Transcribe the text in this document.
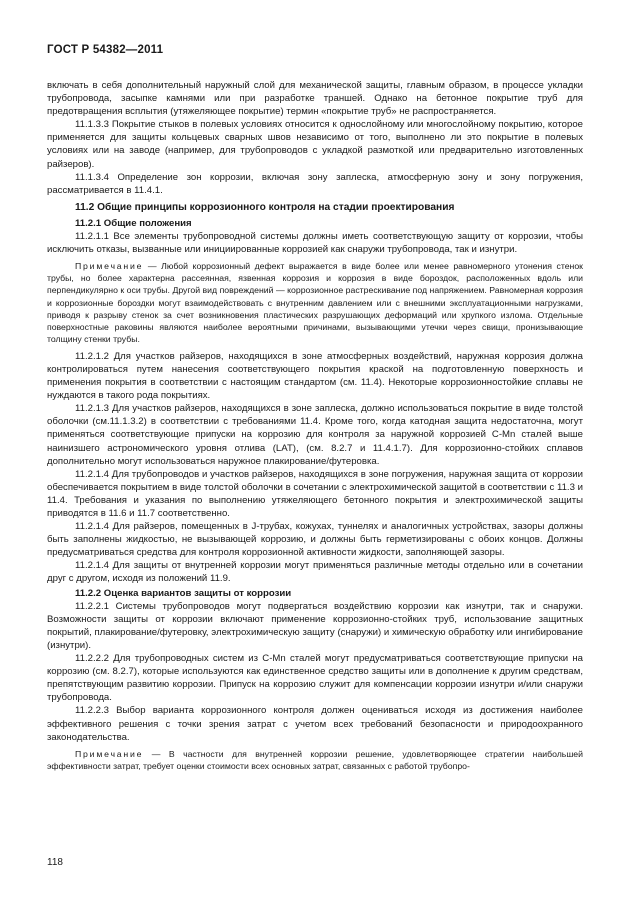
ГОСТ Р 54382—2011

включать в себя дополнительный наружный слой для механической защиты, главным образом, в процессе укладки трубопровода, засыпке камнями или при разработке траншей. Однако на бетонное покрытие труб для предотвращения всплытия (утяжеляющее покрытие) термин «покрытие труб» не распространяется.

11.1.3.3 Покрытие стыков в полевых условиях относится к однослойному или многослойному покрытию, которое применяется для защиты кольцевых сварных швов независимо от того, выполнено ли это покрытие в полевых условиях или на заводе (например, для трубопроводов с укладкой размоткой или предварительно изготовленных райзеров).

11.1.3.4 Определение зон коррозии, включая зону заплеска, атмосферную зону и зону погружения, рассматривается в 11.4.1.

11.2 Общие принципы коррозионного контроля на стадии проектирования

11.2.1 Общие положения

11.2.1.1 Все элементы трубопроводной системы должны иметь соответствующую защиту от коррозии, чтобы исключить отказы, вызванные или инициированные коррозией как снаружи трубопровода, так и изнутри.

Примечание — Любой коррозионный дефект выражается в виде более или менее равномерного утонения стенок трубы, но более характерна рассеянная, язвенная коррозия и коррозия в виде бороздок, расположенных вдоль или перпендикулярно к оси трубы. Другой вид повреждений — коррозионное растрескивание под напряжением. Равномерная коррозия и коррозионные бороздки могут взаимодействовать с внутренним давлением или с внешними эксплуатационными нагрузками, приводя к разрыву стенок за счет возникновения пластических разрушающих деформаций или хрупкого излома. Отдельные поверхностные раковины являются наиболее вероятными причинами, вызывающими утечки через свищи, пронизывающие толщину стенки трубы.

11.2.1.2 Для участков райзеров, находящихся в зоне атмосферных воздействий, наружная коррозия должна контролироваться путем нанесения соответствующего покрытия краской на подготовленную поверхность и применения покрытия в соответствии с настоящим стандартом (см. 11.4). Некоторые коррозионностойкие сплавы не нуждаются в такого рода покрытиях.

11.2.1.3 Для участков райзеров, находящихся в зоне заплеска, должно использоваться покрытие в виде толстой оболочки (см.11.1.3.2) в соответствии с требованиями 11.4. Кроме того, когда катодная защита недостаточна, могут применяться соответствующие припуски на коррозию для контроля за наружной коррозией C-Mn сталей выше наинизшего астрономического уровня отлива (LAT), (см. 8.2.7 и 11.4.1.7). Для коррозионно-стойких сплавов дополнительно могут использоваться наружное плакирование/футеровка.

11.2.1.4 Для трубопроводов и участков райзеров, находящихся в зоне погружения, наружная защита от коррозии обеспечивается покрытием в виде толстой оболочки в сочетании с электрохимической защитой в соответствии с 11.3 и 11.4. Требования и указания по выполнению утяжеляющего бетонного покрытия и электрохимической защиты приводятся в 11.6 и 11.7 соответственно.

11.2.1.4 Для райзеров, помещенных в J-трубах, кожухах, туннелях и аналогичных устройствах, зазоры должны быть заполнены жидкостью, не вызывающей коррозию, и должны быть герметизированы с обоих концов. Должны предусматриваться средства для контроля коррозионной активности жидкости, заполняющей зазоры.

11.2.1.4 Для защиты от внутренней коррозии могут применяться различные методы отдельно или в сочетании друг с другом, исходя из положений 11.9.

11.2.2 Оценка вариантов защиты от коррозии

11.2.2.1 Системы трубопроводов могут подвергаться воздействию коррозии как изнутри, так и снаружи. Возможности защиты от коррозии включают применение коррозионно-стойких труб, использование защитных покрытий, плакирование/футеровку, электрохимическую защиту (снаружи) и химическую обработку или ингибирование (изнутри).

11.2.2.2 Для трубопроводных систем из C-Mn сталей могут предусматриваться соответствующие припуски на коррозию (см. 8.2.7), которые используются как единственное средство защиты или в дополнение к другим средствам, препятствующим развитию коррозии. Припуск на коррозию служит для компенсации коррозии изнутри и/или снаружи трубопровода.

11.2.2.3 Выбор варианта коррозионного контроля должен оцениваться исходя из достижения наиболее эффективного решения с точки зрения затрат с учетом всех требований безопасности и природоохранного законодательства.

Примечание — В частности для внутренней коррозии решение, удовлетворяющее стратегии наибольшей эффективности затрат, требует оценки стоимости всех основных затрат, связанных с работой трубопро-

118
